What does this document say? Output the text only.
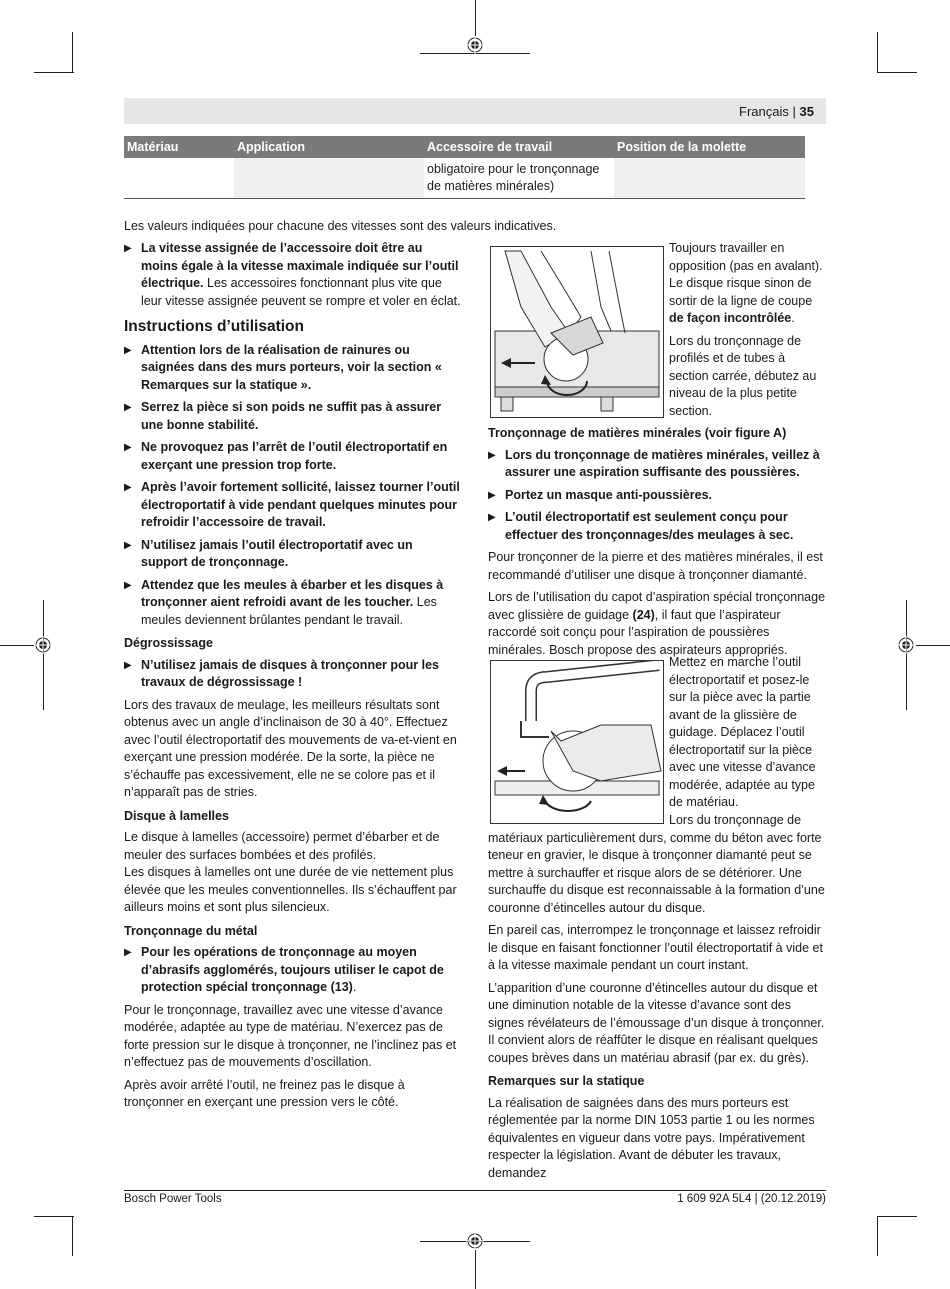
Français | 35
Matériau	Application	Accessoire de travail	Position de la molette
		obligatoire pour le tronçonnage de matières minérales)	
Les valeurs indiquées pour chacune des vitesses sont des valeurs indicatives.
▶ La vitesse assignée de l’accessoire doit être au moins égale à la vitesse maximale indiquée sur l’outil électrique. Les accessoires fonctionnant plus vite que leur vitesse assignée peuvent se rompre et voler en éclat.
Instructions d’utilisation
▶ Attention lors de la réalisation de rainures ou saignées dans des murs porteurs, voir la section « Remarques sur la statique ».
▶ Serrez la pièce si son poids ne suffit pas à assurer une bonne stabilité.
▶ Ne provoquez pas l’arrêt de l’outil électroportatif en exerçant une pression trop forte.
▶ Après l’avoir fortement sollicité, laissez tourner l’outil électroportatif à vide pendant quelques minutes pour refroidir l’accessoire de travail.
▶ N’utilisez jamais l’outil électroportatif avec un support de tronçonnage.
▶ Attendez que les meules à ébarber et les disques à tronçonner aient refroidi avant de les toucher. Les meules deviennent brûlantes pendant le travail.
Dégrossissage
▶ N’utilisez jamais de disques à tronçonner pour les travaux de dégrossissage !

Lors des travaux de meulage, les meilleurs résultats sont obtenus avec un angle d’inclinaison de 30 à 40°. Effectuez avec l’outil électroportatif des mouvements de va-et-vient en exerçant une pression modérée. De la sorte, la pièce ne s’échauffe pas excessivement, elle ne se colore pas et il n’apparaît pas de stries.

Disque à lamelles

Le disque à lamelles (accessoire) permet d’ébarber et de meuler des surfaces bombées et des profilés.

Les disques à lamelles ont une durée de vie nettement plus élevée que les meules conventionnelles. Ils s’échauffent par ailleurs moins et sont plus silencieux.

Tronçonnage du métal
▶ Pour les opérations de tronçonnage au moyen d’abrasifs agglomérés, toujours utiliser le capot de protection spécial tronçonnage (13).

Pour le tronçonnage, travaillez avec une vitesse d’avance modérée, adaptée au type de matériau. N’exercez pas de forte pression sur le disque à tronçonner, ne l’inclinez pas et n’effectuez pas de mouvements d’oscillation.

Après avoir arrêté l’outil, ne freinez pas le disque à tronçonner en exerçant une pression vers le côté.

Toujours travailler en opposition (pas en avalant). Le disque risque sinon de sortir de la ligne de coupe de façon incontrôlée.

Lors du tronçonnage de profilés et de tubes à section carrée, débutez au niveau de la plus petite section.

Tronçonnage de matières minérales (voir figure A)
▶ Lors du tronçonnage de matières minérales, veillez à assurer une aspiration suffisante des poussières.
▶ Portez un masque anti-poussières.
▶ L’outil électroportatif est seulement conçu pour effectuer des tronçonnages/des meulages à sec.

Pour tronçonner de la pierre et des matières minérales, il est recommandé d’utiliser une disque à tronçonner diamanté.

Lors de l’utilisation du capot d’aspiration spécial tronçonnage avec glissière de guidage (24), il faut que l’aspirateur raccordé soit conçu pour l’aspiration de poussières minérales. Bosch propose des aspirateurs appropriés.

Mettez en marche l’outil électroportatif et posez-le sur la pièce avec la partie avant de la glissière de guidage. Déplacez l’outil électroportatif sur la pièce avec une vitesse d’avance modérée, adaptée au type de matériau.

Lors du tronçonnage de matériaux particulièrement durs, comme du béton avec forte teneur en gravier, le disque à tronçonner diamanté peut se mettre à surchauffer et risque alors de se détériorer. Une surchauffe du disque est reconnaissable à la formation d’une couronne d’étincelles autour du disque.

En pareil cas, interrompez le tronçonnage et laissez refroidir le disque en faisant fonctionner l’outil électroportatif à vide et à la vitesse maximale pendant un court instant.

L’apparition d’une couronne d’étincelles autour du disque et une diminution notable de la vitesse d’avance sont des signes révélateurs de l’émoussage d’un disque à tronçonner. Il convient alors de réaffûter le disque en réalisant quelques coupes brèves dans un matériau abrasif (par ex. du grès).

Remarques sur la statique

La réalisation de saignées dans des murs porteurs est réglementée par la norme DIN 1053 partie 1 ou les normes équivalentes en vigueur dans votre pays. Impérativement respecter la législation. Avant de débuter les travaux, demandez

Bosch Power Tools	1 609 92A 5L4 | (20.12.2019)
